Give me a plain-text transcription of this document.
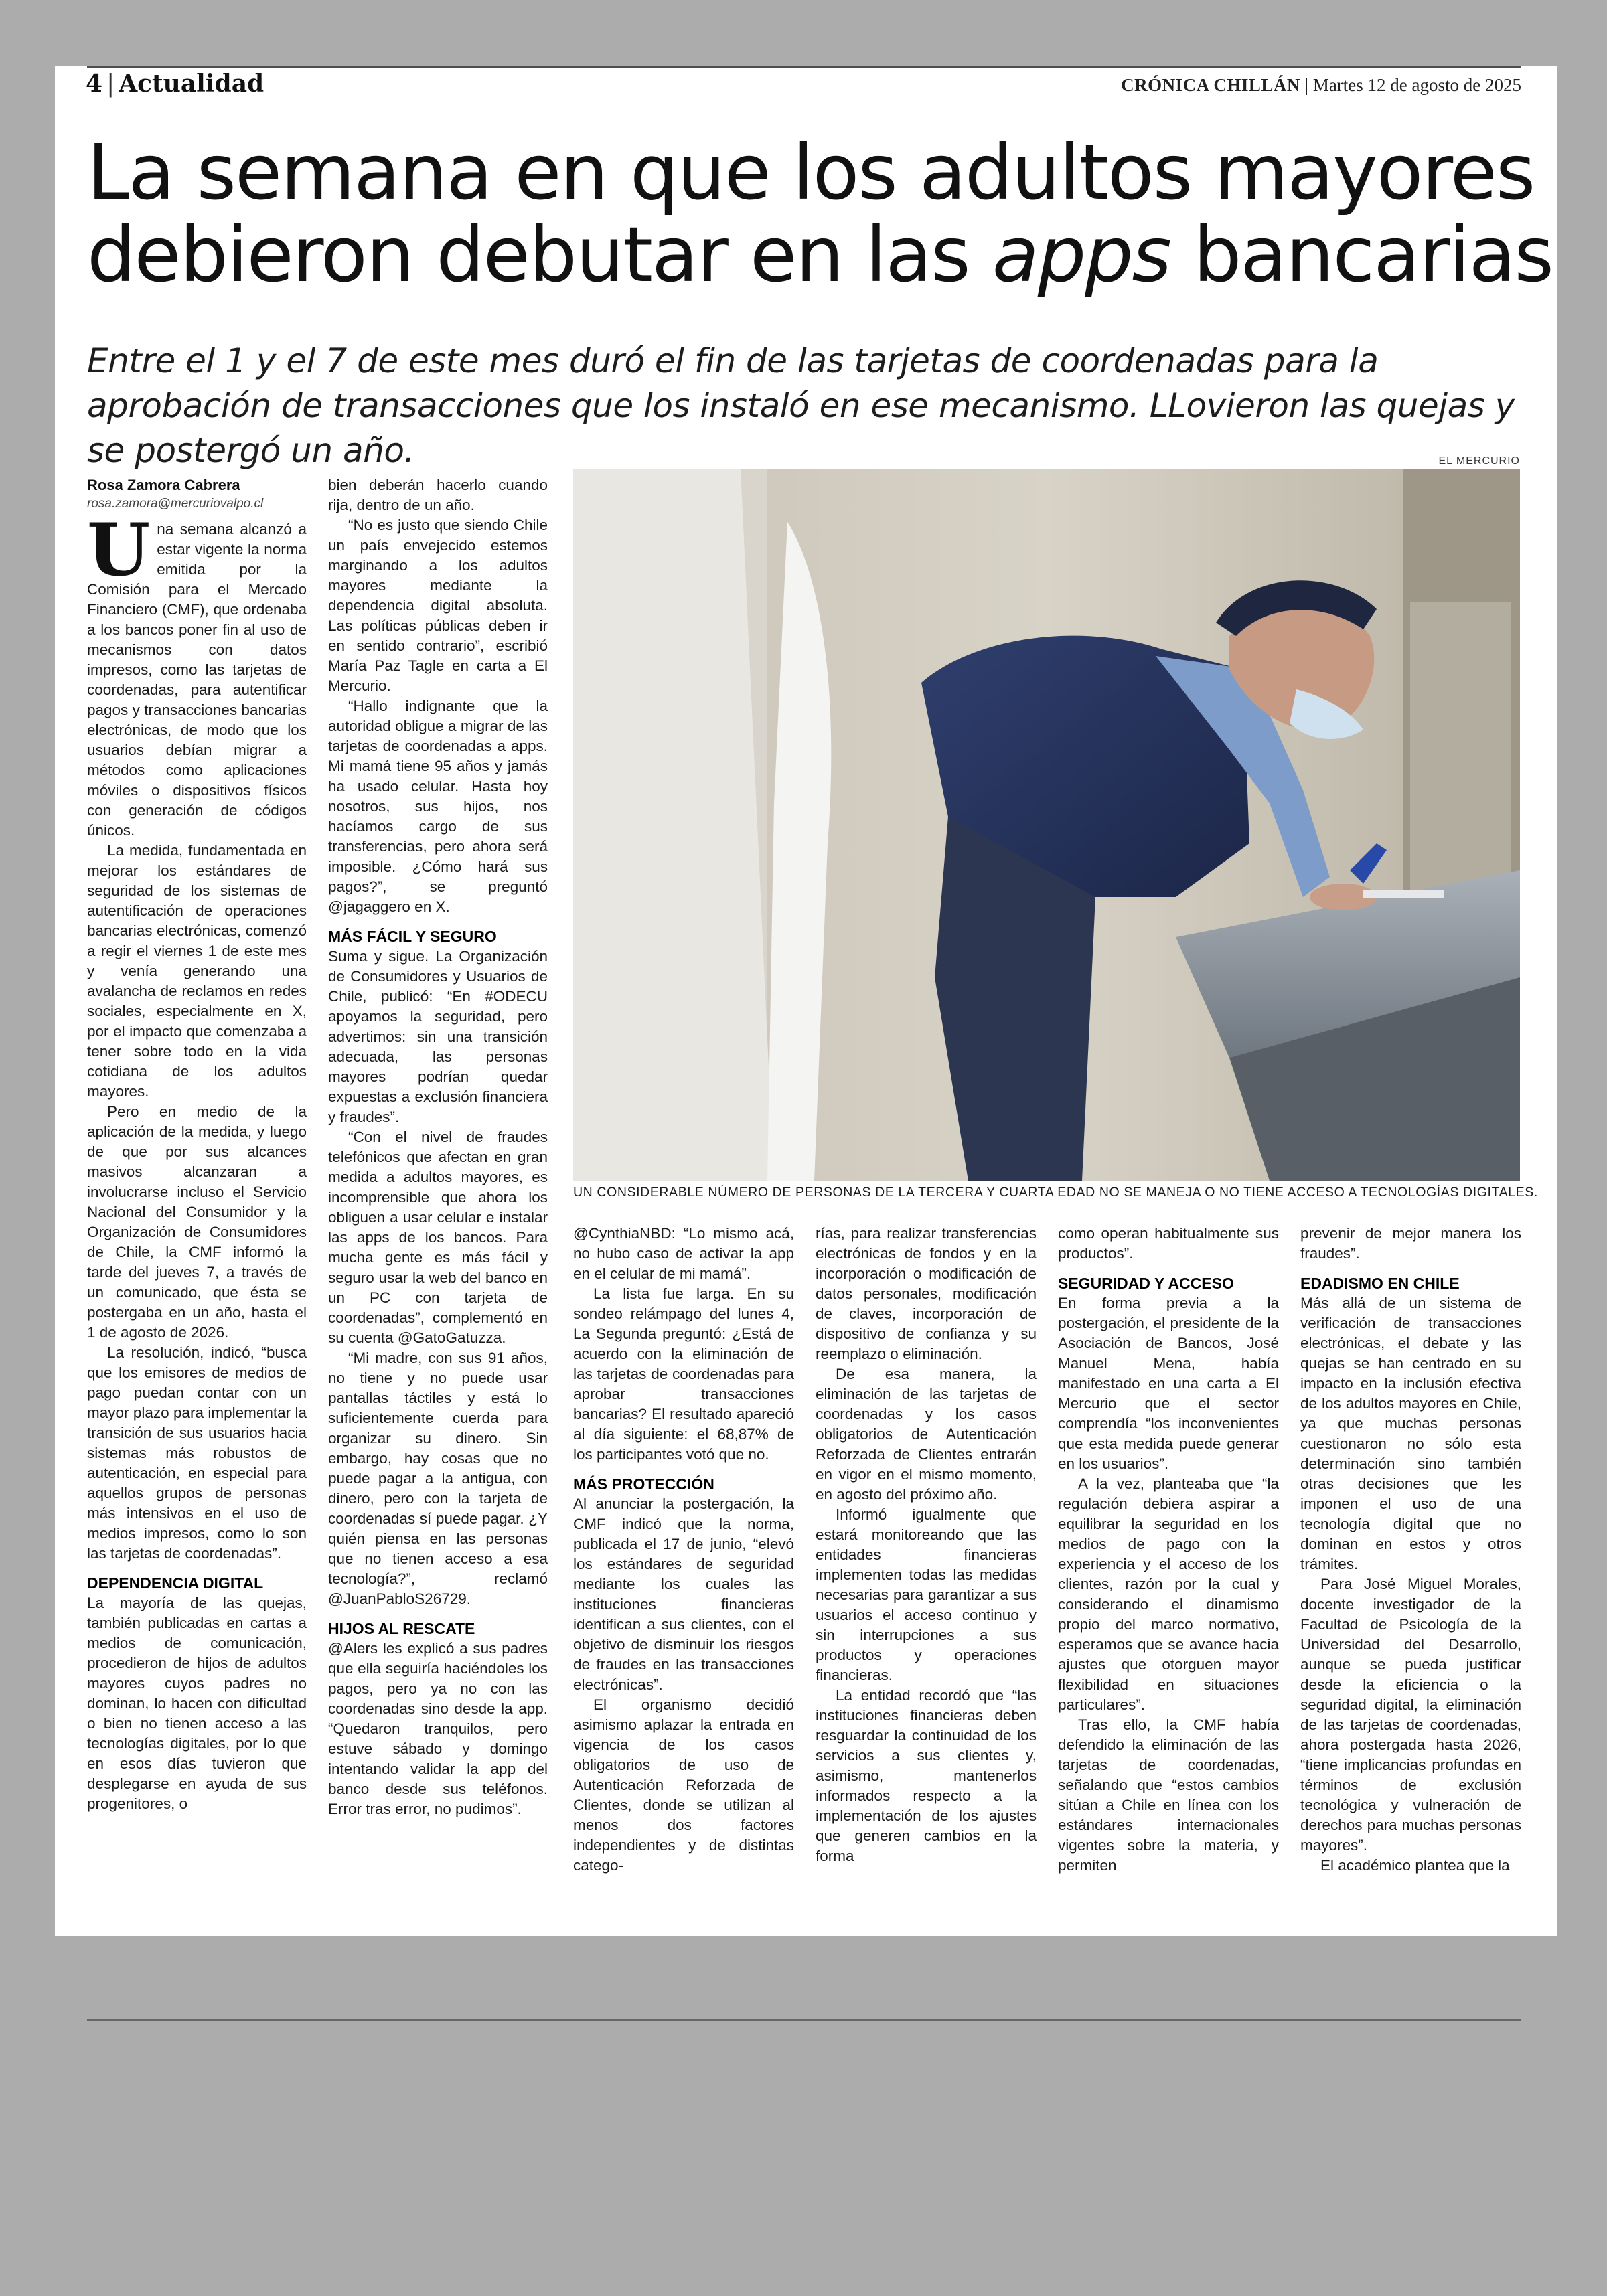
4 | Actualidad	CRÓNICA CHILLÁN | Martes 12 de agosto de 2025
La semana en que los adultos mayores
debieron debutar en las apps bancarias
Entre el 1 y el 7 de este mes duró el fin de las tarjetas de coordenadas para la aprobación de transacciones que los instaló en ese mecanismo. LLovieron las quejas y se postergó un año.	EL MERCURIO
UN CONSIDERABLE NÚMERO DE PERSONAS DE LA TERCERA Y CUARTA EDAD NO SE MANEJA O NO TIENE ACCESO A TECNOLOGÍAS DIGITALES.
Rosa Zamora Cabrera
rosa.zamora@mercuriovalpo.cl

Una semana alcanzó a estar vigente la norma emitida por la Comisión para el Mercado Financiero (CMF), que ordenaba a los bancos poner fin al uso de mecanismos con datos impresos, como las tarjetas de coordenadas, para autentificar pagos y transacciones bancarias electrónicas, de modo que los usuarios debían migrar a métodos como aplicaciones móviles o dispositivos físicos con generación de códigos únicos.

La medida, fundamentada en mejorar los estándares de seguridad de los sistemas de autentificación de operaciones bancarias electrónicas, comenzó a regir el viernes 1 de este mes y venía generando una avalancha de reclamos en redes sociales, especialmente en X, por el impacto que comenzaba a tener sobre todo en la vida cotidiana de los adultos mayores.

Pero en medio de la aplicación de la medida, y luego de que por sus alcances masivos alcanzaran a involucrarse incluso el Servicio Nacional del Consumidor y la Organización de Consumidores de Chile, la CMF informó la tarde del jueves 7, a través de un comunicado, que ésta se postergaba en un año, hasta el 1 de agosto de 2026.

La resolución, indicó, “busca que los emisores de medios de pago puedan contar con un mayor plazo para implementar la transición de sus usuarios hacia sistemas más robustos de autenticación, en especial para aquellos grupos de personas más intensivos en el uso de medios impresos, como lo son las tarjetas de coordenadas”.

DEPENDENCIA DIGITAL

La mayoría de las quejas, también publicadas en cartas a medios de comunicación, procedieron de hijos de adultos mayores cuyos padres no dominan, lo hacen con dificultad o bien no tienen acceso a las tecnologías digitales, por lo que en esos días tuvieron que desplegarse en ayuda de sus progenitores, o

bien deberán hacerlo cuando rija, dentro de un año.

“No es justo que siendo Chile un país envejecido estemos marginando a los adultos mayores mediante la dependencia digital absoluta. Las políticas públicas deben ir en sentido contrario”, escribió María Paz Tagle en carta a El Mercurio.

“Hallo indignante que la autoridad obligue a migrar de las tarjetas de coordenadas a apps. Mi mamá tiene 95 años y jamás ha usado celular. Hasta hoy nosotros, sus hijos, nos hacíamos cargo de sus transferencias, pero ahora será imposible. ¿Cómo hará sus pagos?”, se preguntó @jagaggero en X.

MÁS FÁCIL Y SEGURO

Suma y sigue. La Organización de Consumidores y Usuarios de Chile, publicó: “En #ODECU apoyamos la seguridad, pero advertimos: sin una transición adecuada, las personas mayores podrían quedar expuestas a exclusión financiera y fraudes”.

“Con el nivel de fraudes telefónicos que afectan en gran medida a adultos mayores, es incomprensible que ahora los obliguen a usar celular e instalar las apps de los bancos. Para mucha gente es más fácil y seguro usar la web del banco en un PC con tarjeta de coordenadas”, complementó en su cuenta @GatoGatuzza.

“Mi madre, con sus 91 años, no tiene y no puede usar pantallas táctiles y está lo suficientemente cuerda para organizar su dinero. Sin embargo, hay cosas que no puede pagar a la antigua, con dinero, pero con la tarjeta de coordenadas sí puede pagar. ¿Y quién piensa en las personas que no tienen acceso a esa tecnología?”, reclamó @JuanPabloS26729.

HIJOS AL RESCATE

@Alers les explicó a sus padres que ella seguiría haciéndoles los pagos, pero ya no con las coordenadas sino desde la app. “Quedaron tranquilos, pero estuve sábado y domingo intentando validar la app del banco desde sus teléfonos. Error tras error, no pudimos”.

@CynthiaNBD: “Lo mismo acá, no hubo caso de activar la app en el celular de mi mamá”.

La lista fue larga. En su sondeo relámpago del lunes 4, La Segunda preguntó: ¿Está de acuerdo con la eliminación de las tarjetas de coordenadas para aprobar transacciones bancarias? El resultado apareció al día siguiente: el 68,87% de los participantes votó que no.

MÁS PROTECCIÓN

Al anunciar la postergación, la CMF indicó que la norma, publicada el 17 de junio, “elevó los estándares de seguridad mediante los cuales las instituciones financieras identifican a sus clientes, con el objetivo de disminuir los riesgos de fraudes en las transacciones electrónicas”.

El organismo decidió asimismo aplazar la entrada en vigencia de los casos obligatorios de uso de Autenticación Reforzada de Clientes, donde se utilizan al menos dos factores independientes y de distintas catego-

rías, para realizar transferencias electrónicas de fondos y en la incorporación o modificación de datos personales, modificación de claves, incorporación de dispositivo de confianza y su reemplazo o eliminación.

De esa manera, la eliminación de las tarjetas de coordenadas y los casos obligatorios de Autenticación Reforzada de Clientes entrarán en vigor en el mismo momento, en agosto del próximo año.

Informó igualmente que estará monitoreando que las entidades financieras implementen todas las medidas necesarias para garantizar a sus usuarios el acceso continuo y sin interrupciones a sus productos y operaciones financieras.

La entidad recordó que “las instituciones financieras deben resguardar la continuidad de los servicios a sus clientes y, asimismo, mantenerlos informados respecto a la implementación de los ajustes que generen cambios en la forma

como operan habitualmente sus productos”.

SEGURIDAD Y ACCESO

En forma previa a la postergación, el presidente de la Asociación de Bancos, José Manuel Mena, había manifestado en una carta a El Mercurio que el sector comprendía “los inconvenientes que esta medida puede generar en los usuarios”.

A la vez, planteaba que “la regulación debiera aspirar a equilibrar la seguridad en los medios de pago con la experiencia y el acceso de los clientes, razón por la cual y considerando el dinamismo propio del marco normativo, esperamos que se avance hacia ajustes que otorguen mayor flexibilidad en situaciones particulares”.

Tras ello, la CMF había defendido la eliminación de las tarjetas de coordenadas, señalando que “estos cambios sitúan a Chile en línea con los estándares internacionales vigentes sobre la materia, y permiten

prevenir de mejor manera los fraudes”.

EDADISMO EN CHILE

Más allá de un sistema de verificación de transacciones electrónicas, el debate y las quejas se han centrado en su impacto en la inclusión efectiva de los adultos mayores en Chile, ya que muchas personas cuestionaron no sólo esta determinación sino también otras decisiones que les imponen el uso de una tecnología digital que no dominan en estos y otros trámites.

Para José Miguel Morales, docente investigador de la Facultad de Psicología de la Universidad del Desarrollo, aunque se pueda justificar desde la eficiencia o la seguridad digital, la eliminación de las tarjetas de coordenadas, ahora postergada hasta 2026, “tiene implicancias profundas en términos de exclusión tecnológica y vulneración de derechos para muchas personas mayores”.

El académico plantea que la
